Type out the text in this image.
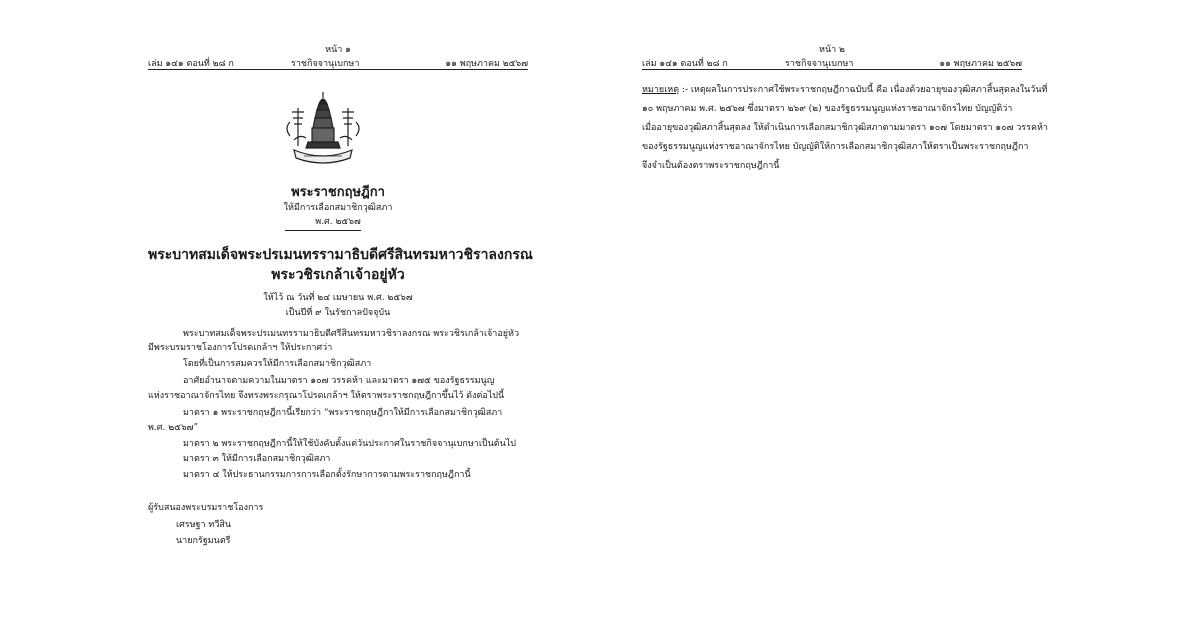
หน้า ๑
เล่ม ๑๔๑ ตอนที่ ๒๘ ก	ราชกิจจานุเบกษา	๑๑ พฤษภาคม ๒๕๖๗
พระราชกฤษฎีกา
ให้มีการเลือกสมาชิกวุฒิสภา
พ.ศ. ๒๕๖๗
พระบาทสมเด็จพระปรเมนทรรามาธิบดีศรีสินทรมหาวชิราลงกรณ
พระวชิรเกล้าเจ้าอยู่หัว
ให้ไว้ ณ วันที่ ๒๔ เมษายน พ.ศ. ๒๕๖๗
เป็นปีที่ ๙ ในรัชกาลปัจจุบัน
พระบาทสมเด็จพระปรเมนทรรามาธิบดีศรีสินทรมหาวชิราลงกรณ พระวชิรเกล้าเจ้าอยู่หัว
มีพระบรมราชโองการโปรดเกล้าฯ ให้ประกาศว่า
โดยที่เป็นการสมควรให้มีการเลือกสมาชิกวุฒิสภา
อาศัยอำนาจตามความในมาตรา ๑๐๗ วรรคห้า และมาตรา ๑๗๕ ของรัฐธรรมนูญ
แห่งราชอาณาจักรไทย จึงทรงพระกรุณาโปรดเกล้าฯ ให้ตราพระราชกฤษฎีกาขึ้นไว้ ดังต่อไปนี้
มาตรา ๑ พระราชกฤษฎีกานี้เรียกว่า “พระราชกฤษฎีกาให้มีการเลือกสมาชิกวุฒิสภา
พ.ศ. ๒๕๖๗”
มาตรา ๒ พระราชกฤษฎีกานี้ให้ใช้บังคับตั้งแต่วันประกาศในราชกิจจานุเบกษาเป็นต้นไป
มาตรา ๓ ให้มีการเลือกสมาชิกวุฒิสภา
มาตรา ๔ ให้ประธานกรรมการการเลือกตั้งรักษาการตามพระราชกฤษฎีกานี้
ผู้รับสนองพระบรมราชโองการ
เศรษฐา ทวีสิน
นายกรัฐมนตรี
หน้า ๒
เล่ม ๑๔๑ ตอนที่ ๒๘ ก	ราชกิจจานุเบกษา	๑๑ พฤษภาคม ๒๕๖๗
หมายเหตุ :- เหตุผลในการประกาศใช้พระราชกฤษฎีกาฉบับนี้ คือ เนื่องด้วยอายุของวุฒิสภาสิ้นสุดลงในวันที่
๑๐ พฤษภาคม พ.ศ. ๒๕๖๗ ซึ่งมาตรา ๒๖๙ (๒) ของรัฐธรรมนูญแห่งราชอาณาจักรไทย บัญญัติว่า
เมื่ออายุของวุฒิสภาสิ้นสุดลง ให้ดำเนินการเลือกสมาชิกวุฒิสภาตามมาตรา ๑๐๗ โดยมาตรา ๑๐๗ วรรคห้า
ของรัฐธรรมนูญแห่งราชอาณาจักรไทย บัญญัติให้การเลือกสมาชิกวุฒิสภาให้ตราเป็นพระราชกฤษฎีกา
จึงจำเป็นต้องตราพระราชกฤษฎีกานี้
